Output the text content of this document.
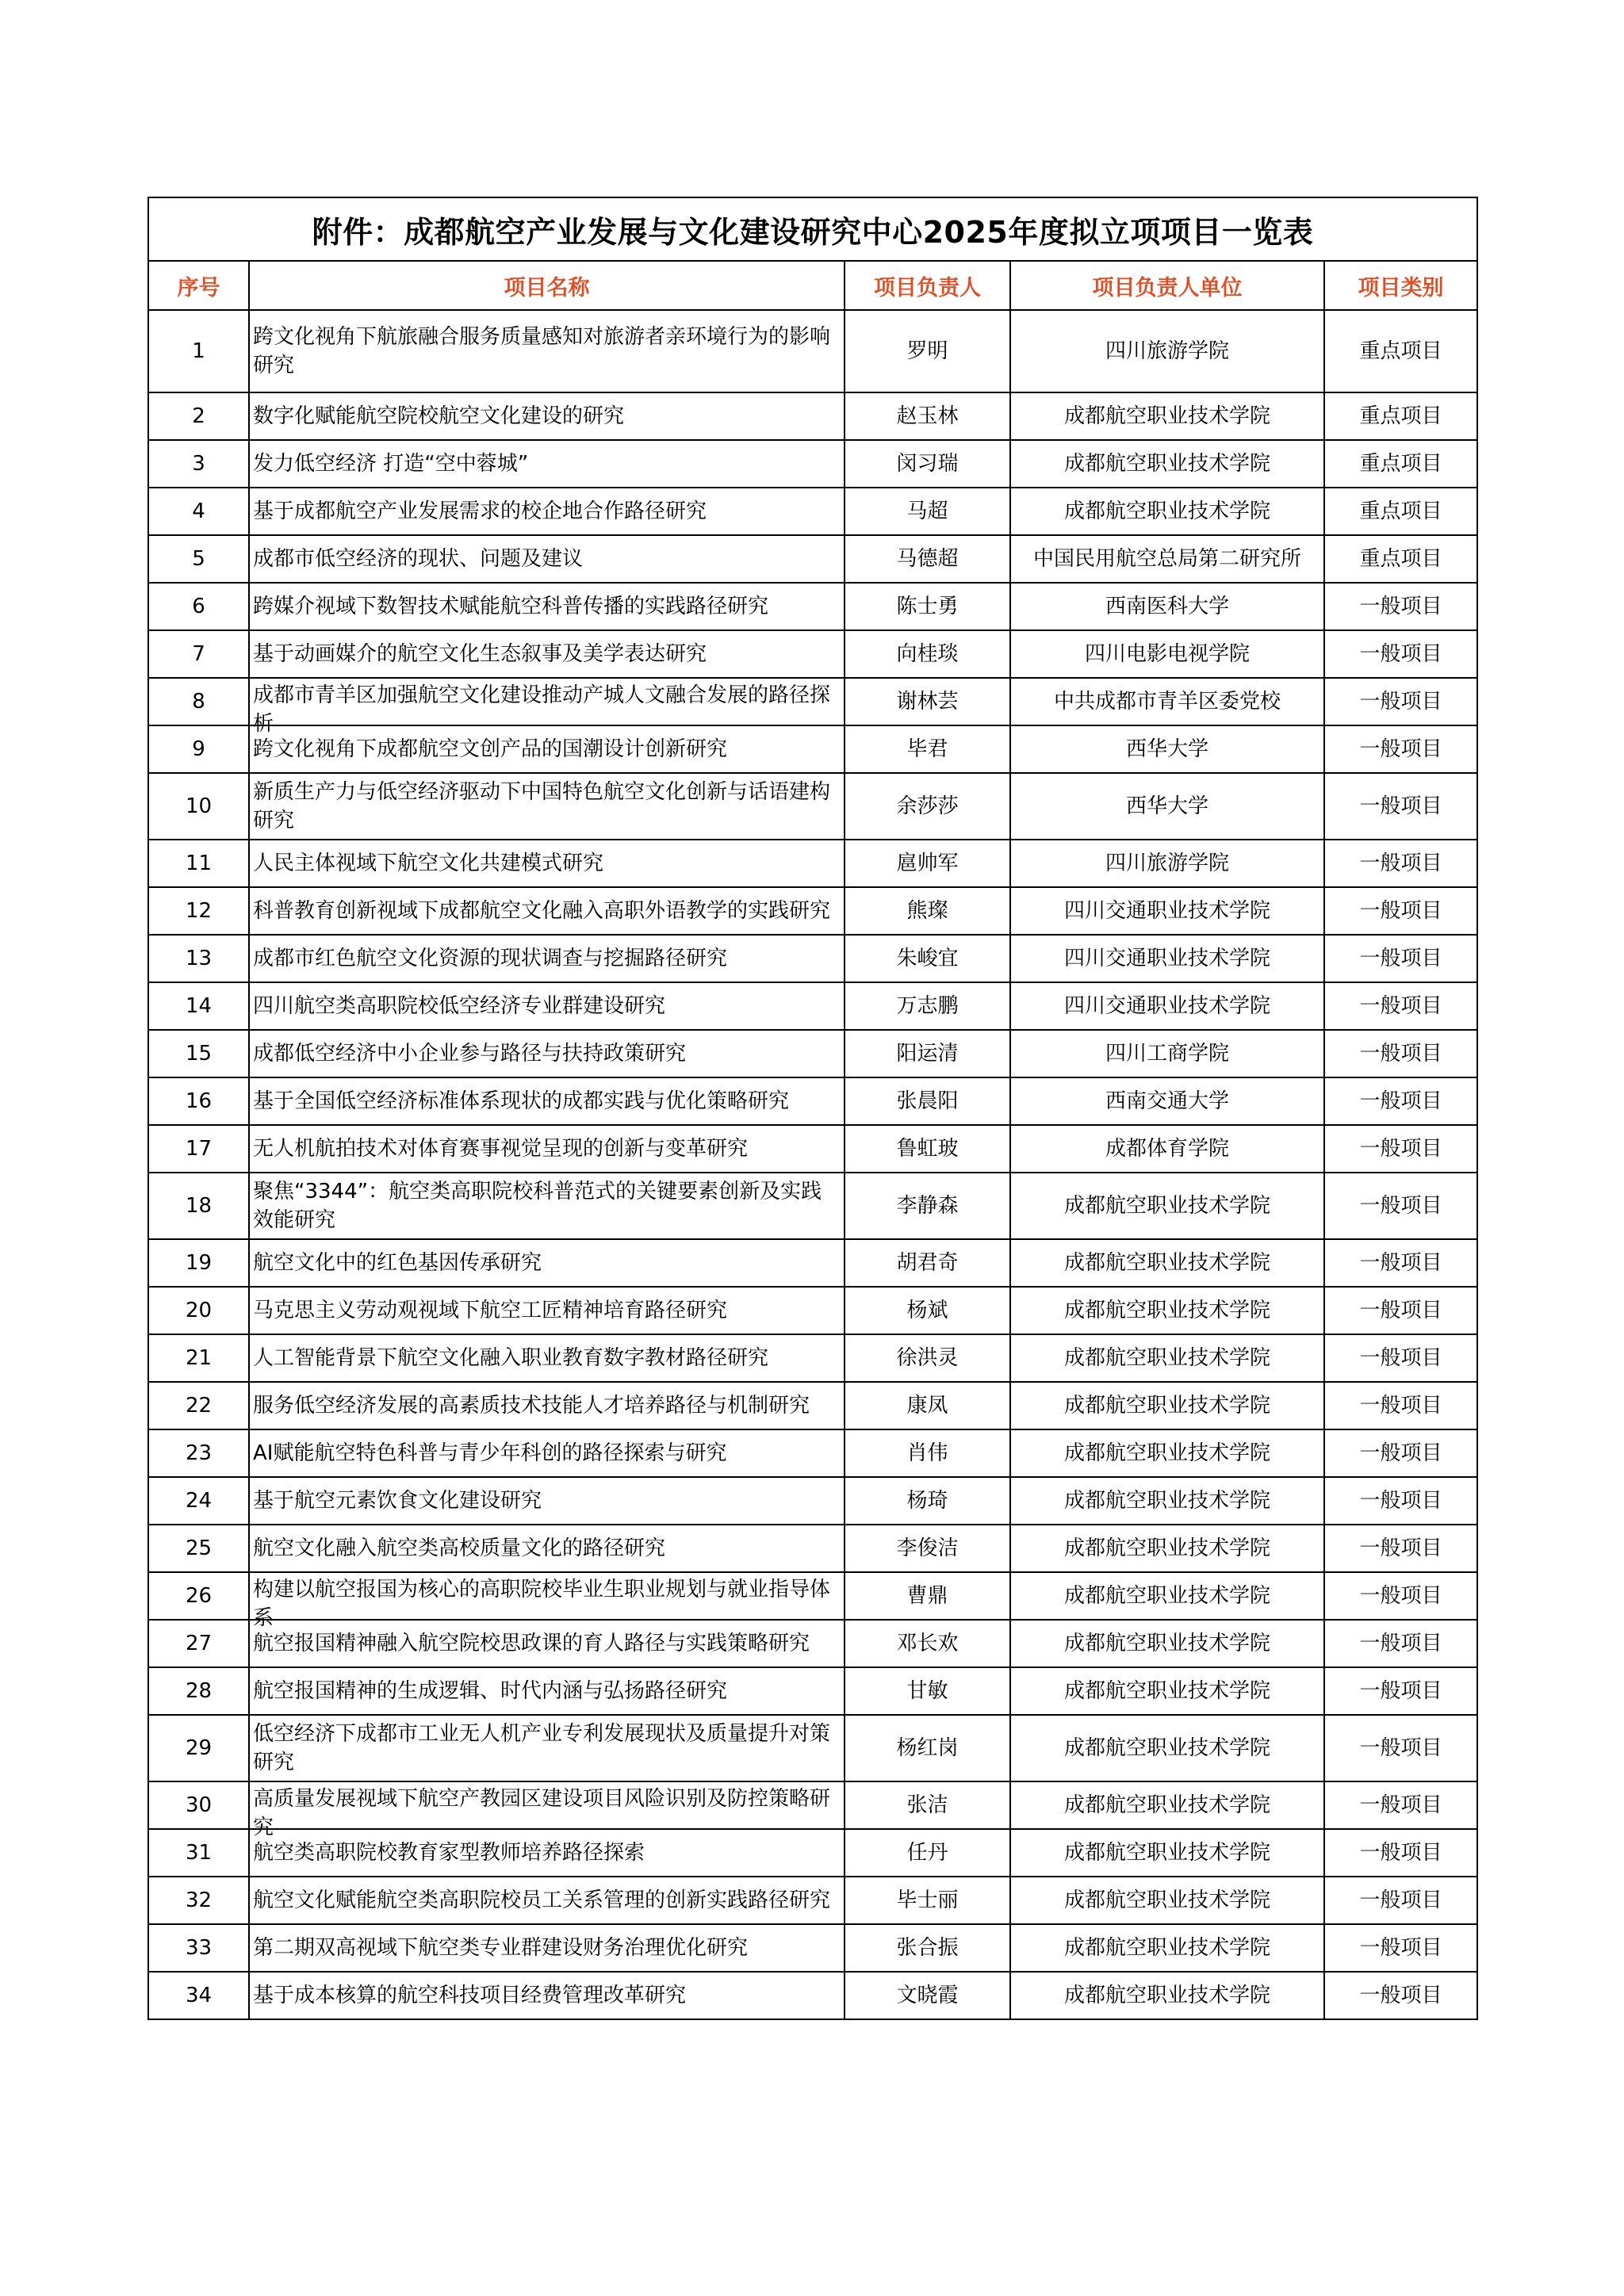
附件：成都航空产业发展与文化建设研究中心2025年度拟立项项目一览表				
序号	项目名称	项目负责人	项目负责人单位	项目类别
1	跨文化视角下航旅融合服务质量感知对旅游者亲环境行为的影响研究	罗明	四川旅游学院	重点项目
2	数字化赋能航空院校航空文化建设的研究	赵玉林	成都航空职业技术学院	重点项目
3	发力低空经济 打造“空中蓉城”	闵习瑞	成都航空职业技术学院	重点项目
4	基于成都航空产业发展需求的校企地合作路径研究	马超	成都航空职业技术学院	重点项目
5	成都市低空经济的现状、问题及建议	马德超	中国民用航空总局第二研究所	重点项目
6	跨媒介视域下数智技术赋能航空科普传播的实践路径研究	陈士勇	西南医科大学	一般项目
7	基于动画媒介的航空文化生态叙事及美学表达研究	向桂琰	四川电影电视学院	一般项目
8	成都市青羊区加强航空文化建设推动产城人文融合发展的路径探析	谢林芸	中共成都市青羊区委党校	一般项目
9	跨文化视角下成都航空文创产品的国潮设计创新研究	毕君	西华大学	一般项目
10	新质生产力与低空经济驱动下中国特色航空文化创新与话语建构研究	余莎莎	西华大学	一般项目
11	人民主体视域下航空文化共建模式研究	扈帅军	四川旅游学院	一般项目
12	科普教育创新视域下成都航空文化融入高职外语教学的实践研究	熊璨	四川交通职业技术学院	一般项目
13	成都市红色航空文化资源的现状调查与挖掘路径研究	朱峻宜	四川交通职业技术学院	一般项目
14	四川航空类高职院校低空经济专业群建设研究	万志鹏	四川交通职业技术学院	一般项目
15	成都低空经济中小企业参与路径与扶持政策研究	阳运清	四川工商学院	一般项目
16	基于全国低空经济标准体系现状的成都实践与优化策略研究	张晨阳	西南交通大学	一般项目
17	无人机航拍技术对体育赛事视觉呈现的创新与变革研究	鲁虹玻	成都体育学院	一般项目
18	聚焦“3344”：航空类高职院校科普范式的关键要素创新及实践效能研究	李静森	成都航空职业技术学院	一般项目
19	航空文化中的红色基因传承研究	胡君奇	成都航空职业技术学院	一般项目
20	马克思主义劳动观视域下航空工匠精神培育路径研究	杨斌	成都航空职业技术学院	一般项目
21	人工智能背景下航空文化融入职业教育数字教材路径研究	徐洪灵	成都航空职业技术学院	一般项目
22	服务低空经济发展的高素质技术技能人才培养路径与机制研究	康凤	成都航空职业技术学院	一般项目
23	AI赋能航空特色科普与青少年科创的路径探索与研究	肖伟	成都航空职业技术学院	一般项目
24	基于航空元素饮食文化建设研究	杨琦	成都航空职业技术学院	一般项目
25	航空文化融入航空类高校质量文化的路径研究	李俊洁	成都航空职业技术学院	一般项目
26	构建以航空报国为核心的高职院校毕业生职业规划与就业指导体系	曹鼎	成都航空职业技术学院	一般项目
27	航空报国精神融入航空院校思政课的育人路径与实践策略研究	邓长欢	成都航空职业技术学院	一般项目
28	航空报国精神的生成逻辑、时代内涵与弘扬路径研究	甘敏	成都航空职业技术学院	一般项目
29	低空经济下成都市工业无人机产业专利发展现状及质量提升对策研究	杨红岗	成都航空职业技术学院	一般项目
30	高质量发展视域下航空产教园区建设项目风险识别及防控策略研究	张洁	成都航空职业技术学院	一般项目
31	航空类高职院校教育家型教师培养路径探索	任丹	成都航空职业技术学院	一般项目
32	航空文化赋能航空类高职院校员工关系管理的创新实践路径研究	毕士丽	成都航空职业技术学院	一般项目
33	第二期双高视域下航空类专业群建设财务治理优化研究	张合振	成都航空职业技术学院	一般项目
34	基于成本核算的航空科技项目经费管理改革研究	文晓霞	成都航空职业技术学院	一般项目
